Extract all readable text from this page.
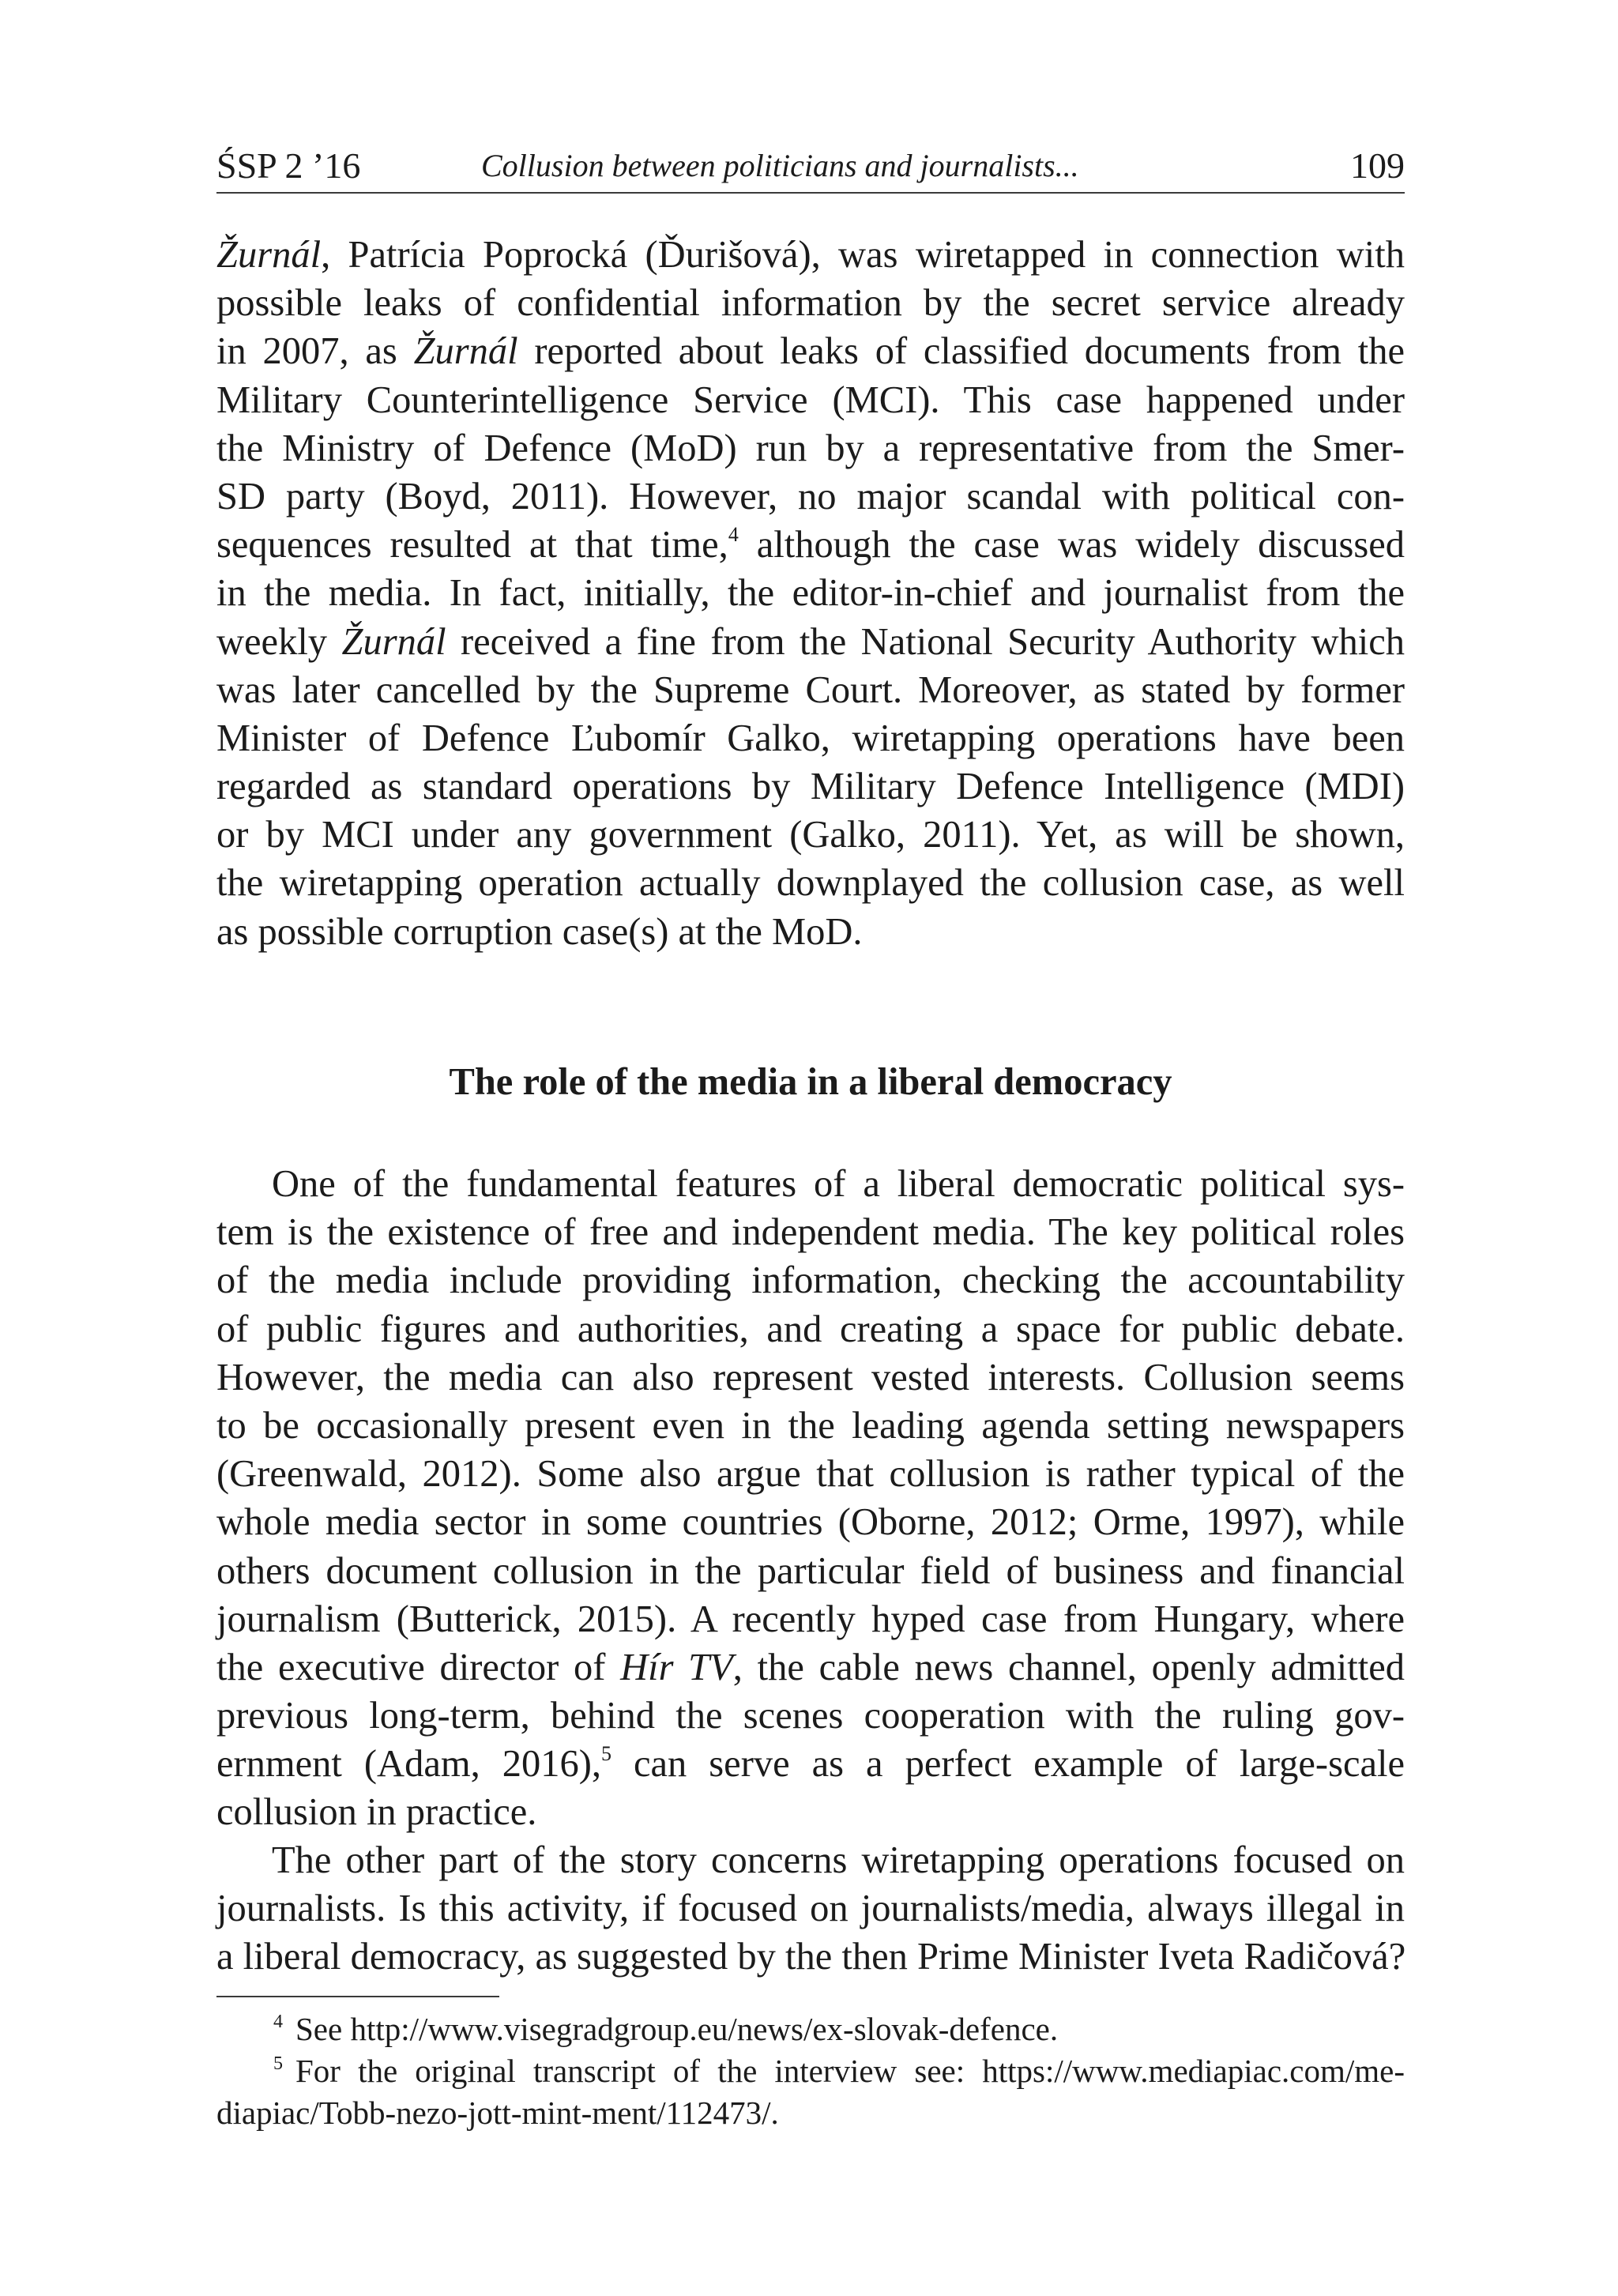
ŚSP 2 ’16	Collusion between politicians and journalists...	109
Žurnál, Patrícia Poprocká (Ďurišová), was wiretapped in connection with
possible leaks of confidential information by the secret service already
in 2007, as Žurnál reported about leaks of classified documents from the
Military Counterintelligence Service (MCI). This case happened under
the Ministry of Defence (MoD) run by a representative from the Smer-
SD party (Boyd, 2011). However, no major scandal with political con-
sequences resulted at that time,$^4$ although the case was widely discussed
in the media. In fact, initially, the editor-in-chief and journalist from the
weekly Žurnál received a fine from the National Security Authority which
was later cancelled by the Supreme Court. Moreover, as stated by former
Minister of Defence Ľubomír Galko, wiretapping operations have been
regarded as standard operations by Military Defence Intelligence (MDI)
or by MCI under any government (Galko, 2011). Yet, as will be shown,
the wiretapping operation actually downplayed the collusion case, as well
as possible corruption case(s) at the MoD.
The role of the media in a liberal democracy
One of the fundamental features of a liberal democratic political sys-
tem is the existence of free and independent media. The key political roles
of the media include providing information, checking the accountability
of public figures and authorities, and creating a space for public debate.
However, the media can also represent vested interests. Collusion seems
to be occasionally present even in the leading agenda setting newspapers
(Greenwald, 2012). Some also argue that collusion is rather typical of the
whole media sector in some countries (Oborne, 2012; Orme, 1997), while
others document collusion in the particular field of business and financial
journalism (Butterick, 2015). A recently hyped case from Hungary, where
the executive director of Hír TV, the cable news channel, openly admitted
previous long-term, behind the scenes cooperation with the ruling gov-
ernment (Adam, 2016),$^5$ can serve as a perfect example of large-scale
collusion in practice.
The other part of the story concerns wiretapping operations focused on
journalists. Is this activity, if focused on journalists/media, always illegal in
a liberal democracy, as suggested by the then Prime Minister Iveta Radičová?
$^4$ See http://www.visegradgroup.eu/news/ex-slovak-defence.
$^5$ For the original transcript of the interview see: https://www.mediapiac.com/me-
diapiac/Tobb-nezo-jott-mint-ment/112473/.
